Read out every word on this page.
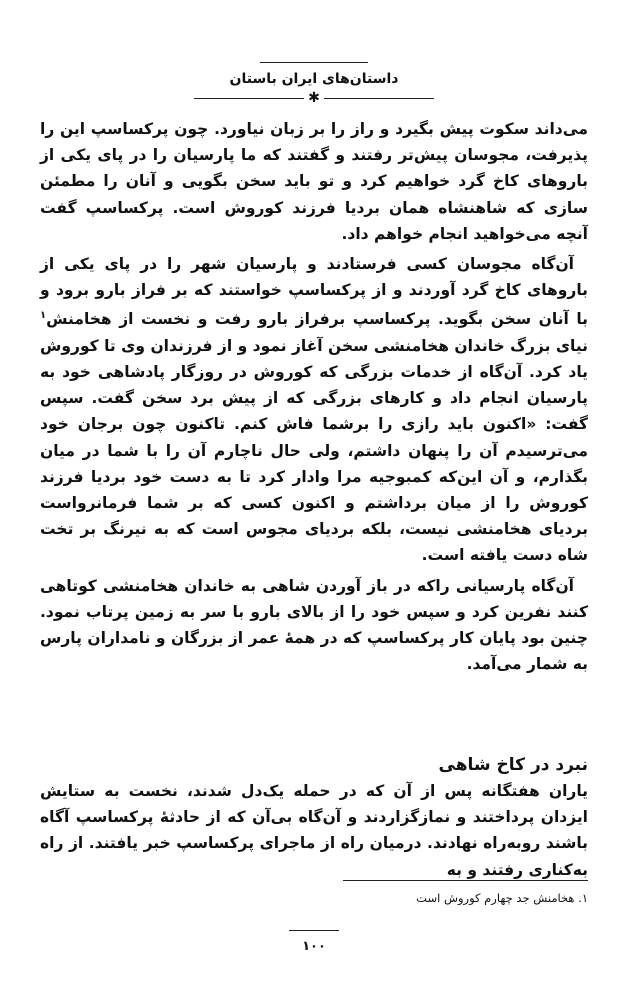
داستان‌های ایران باستان
✱

می‌داند سکوت پیش بگیرد و راز را بر زبان نیاورد. چون پرکساسپ این را پذیرفت، مجوسان پیش‌تر رفتند و گفتند که ما پارسیان را در پای یکی از باروهای کاخ گرد خواهیم کرد و تو باید سخن بگویی و آنان را مطمئن سازی که شاهنشاه همان بردیا فرزند کوروش است. پرکساسپ گفت آنچه می‌خواهید انجام خواهم داد.

آن‌گاه مجوسان کسی فرستادند و پارسیان شهر را در پای یکی از باروهای کاخ گرد آوردند و از پرکساسپ خواستند که بر فراز بارو برود و با آنان سخن بگوید. پرکساسپ برفراز بارو رفت و نخست از هخامنش$^۱$ نیای بزرگ خاندان هخامنشی سخن آغاز نمود و از فرزندان وی تا کوروش یاد کرد. آن‌گاه از خدمات بزرگی که کوروش در روزگار پادشاهی خود به پارسیان انجام داد و کارهای بزرگی که از پیش برد سخن گفت. سپس گفت: «اکنون باید رازی را برشما فاش کنم. تاکنون چون برجان خود می‌ترسیدم آن را پنهان داشتم، ولی حال ناچارم آن را با شما در میان بگذارم، و آن این‌که کمبوجیه مرا وادار کرد تا به دست خود بردیا فرزند کوروش را از میان برداشتم و اکنون کسی که بر شما فرمانرواست بردیای هخامنشی نیست، بلکه بردیای مجوس است که به نیرنگ بر تخت شاه دست یافته است.

آن‌گاه پارسیانی راکه در باز آوردن شاهی به خاندان هخامنشی کوتاهی کنند نفرین کرد و سپس خود را از بالای بارو با سر به زمین پرتاب نمود. چنین بود پایان کار پرکساسپ که در همهٔ عمر از بزرگان و نامداران پارس به شمار می‌آمد.

نبرد در کاخ شاهی

یاران هفتگانه پس از آن که در حمله یک‌دل شدند، نخست به ستایش ایزدان پرداختند و نمازگزاردند و آن‌گاه بی‌آن که از حادثهٔ پرکساسپ آگاه باشند روبه‌راه نهادند. درمیان راه از ماجرای پرکساسپ خبر یافتند. از راه به‌کناری رفتند و به

۱. هخامنش جد چهارم کوروش است
۱۰۰
